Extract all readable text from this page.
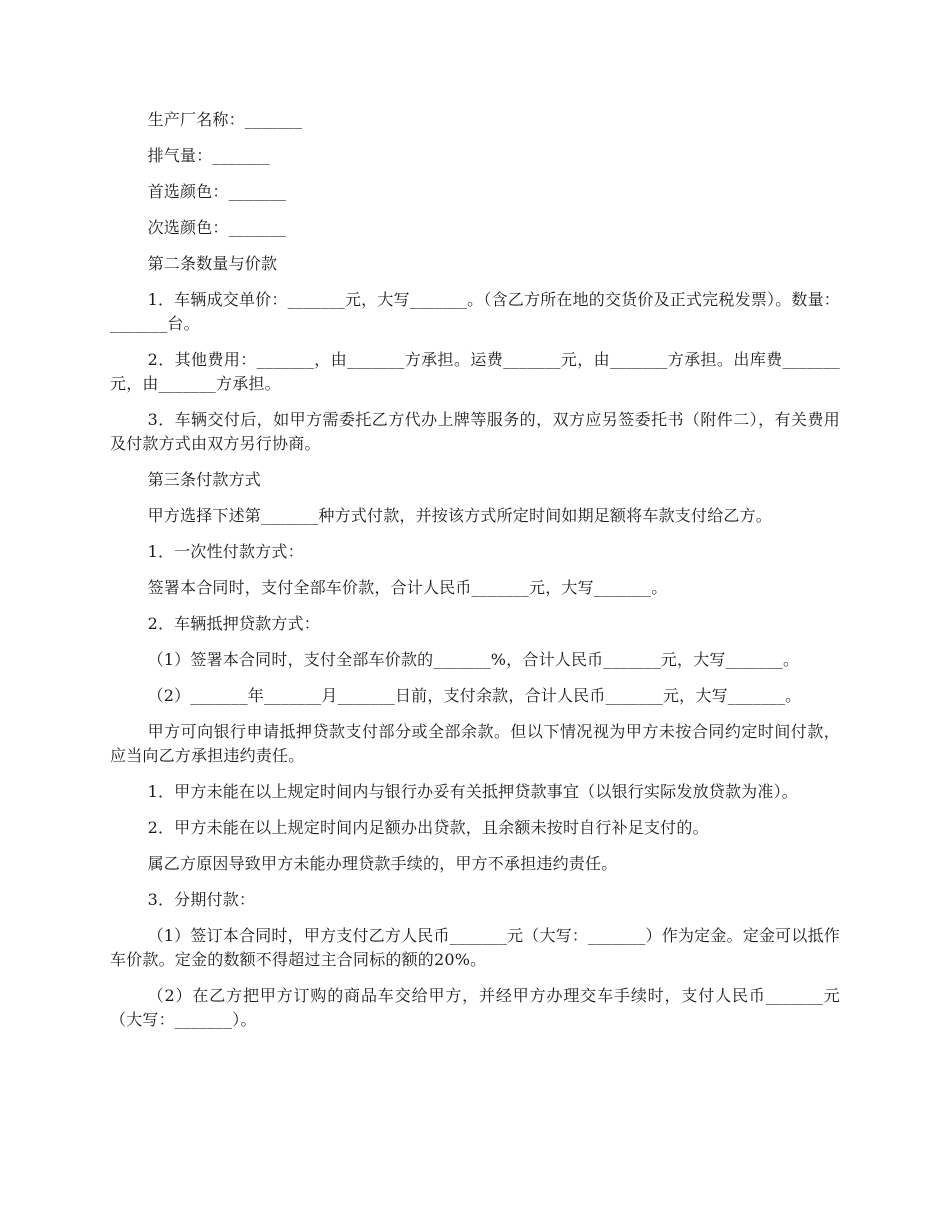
生产厂名称：_______

排气量：_______

首选颜色：_______

次选颜色：_______

第二条数量与价款

1．车辆成交单价：_______元，大写_______。（含乙方所在地的交货价及正式完税发票）。数量：_______台。

2．其他费用：_______，由_______方承担。运费_______元，由_______方承担。出库费_______元，由_______方承担。

3．车辆交付后，如甲方需委托乙方代办上牌等服务的，双方应另签委托书（附件二），有关费用及付款方式由双方另行协商。

第三条付款方式

甲方选择下述第_______种方式付款，并按该方式所定时间如期足额将车款支付给乙方。

1．一次性付款方式：

签署本合同时，支付全部车价款，合计人民币_______元，大写_______。

2．车辆抵押贷款方式：

（1）签署本合同时，支付全部车价款的_______%，合计人民币_______元，大写_______。

（2）_______年_______月_______日前，支付余款，合计人民币_______元，大写_______。

甲方可向银行申请抵押贷款支付部分或全部余款。但以下情况视为甲方未按合同约定时间付款，应当向乙方承担违约责任。

1．甲方未能在以上规定时间内与银行办妥有关抵押贷款事宜（以银行实际发放贷款为准）。

2．甲方未能在以上规定时间内足额办出贷款，且余额未按时自行补足支付的。

属乙方原因导致甲方未能办理贷款手续的，甲方不承担违约责任。

3．分期付款：

（1）签订本合同时，甲方支付乙方人民币_______元（大写：_______）作为定金。定金可以抵作车价款。定金的数额不得超过主合同标的额的20%。

（2）在乙方把甲方订购的商品车交给甲方，并经甲方办理交车手续时，支付人民币_______元（大写：_______）。
